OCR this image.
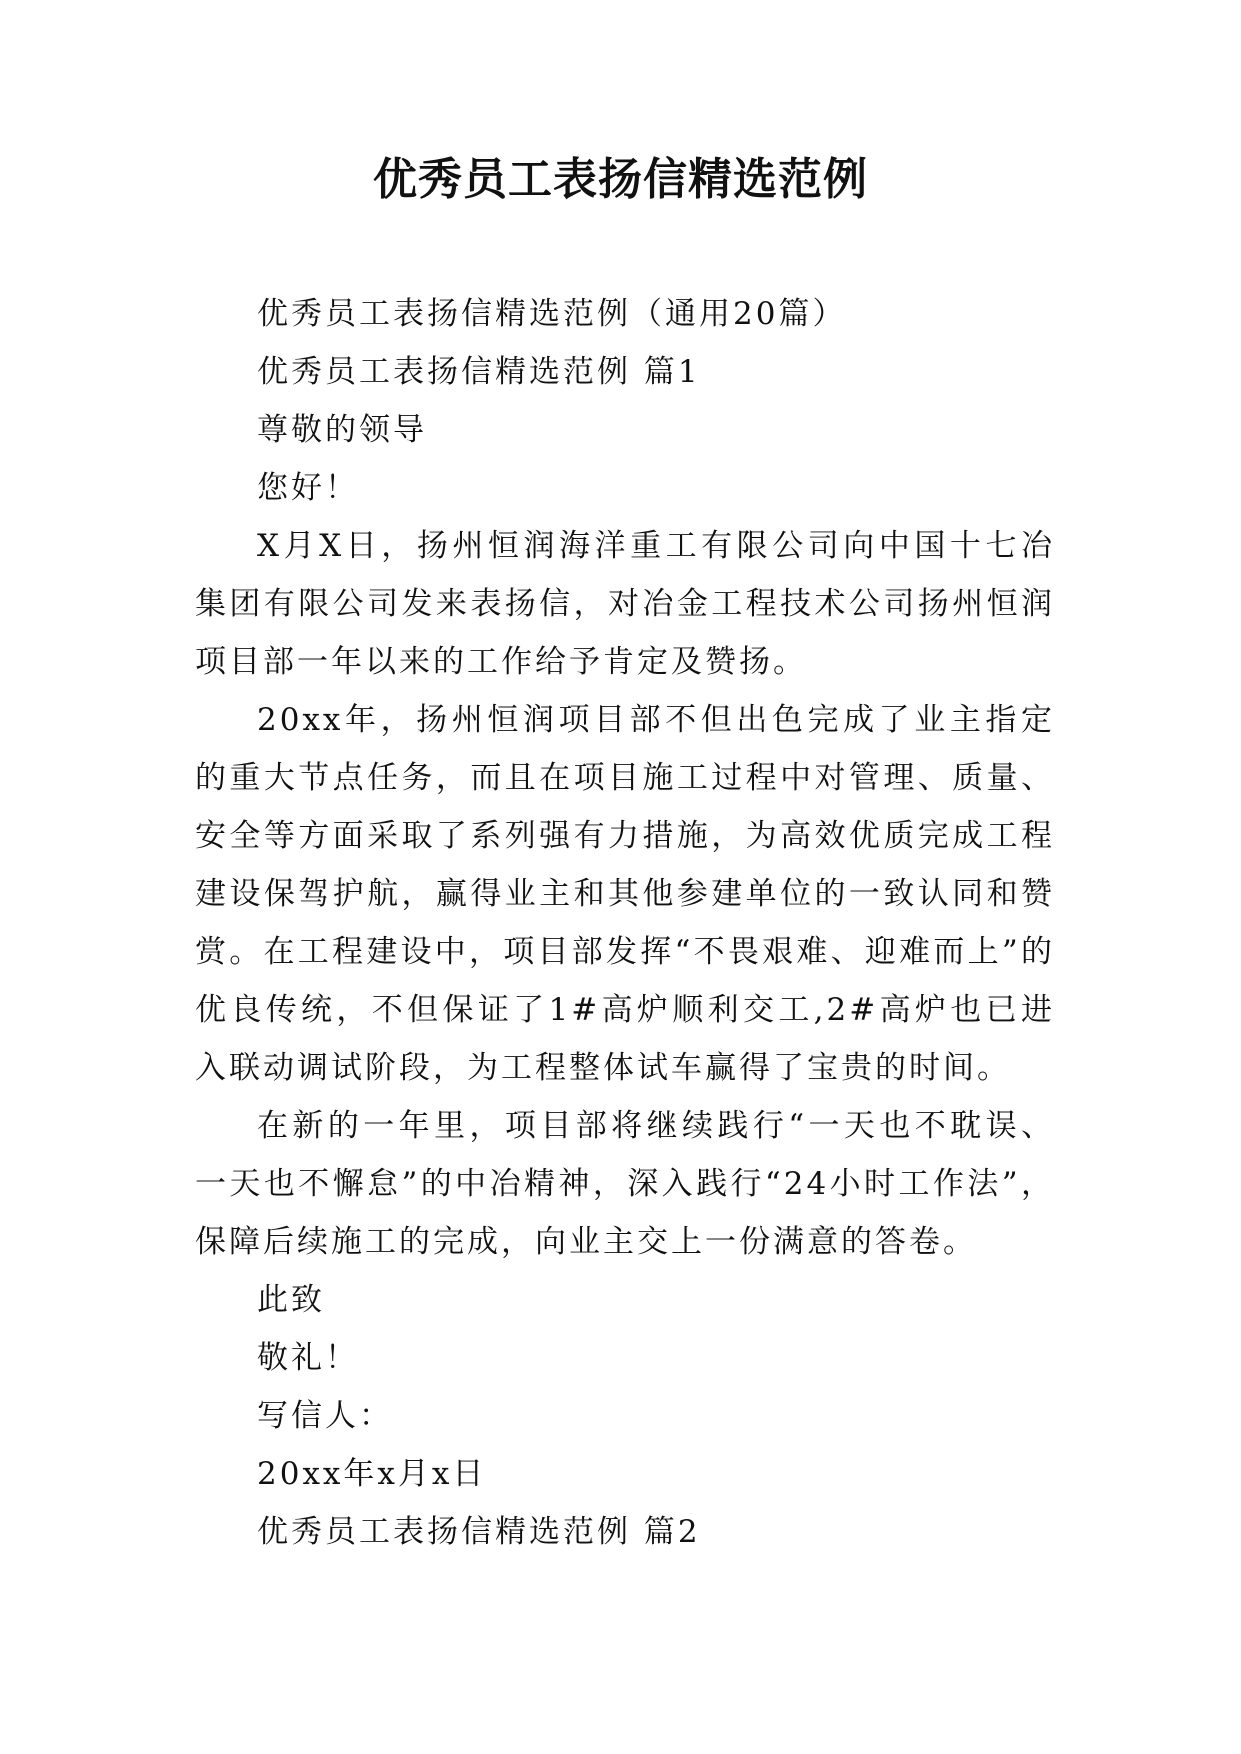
优秀员工表扬信精选范例

优秀员工表扬信精选范例（通用20篇）

优秀员工表扬信精选范例 篇1

尊敬的领导

您好！

X月X日，扬州恒润海洋重工有限公司向中国十七冶集团有限公司发来表扬信，对冶金工程技术公司扬州恒润项目部一年以来的工作给予肯定及赞扬。

20xx年，扬州恒润项目部不但出色完成了业主指定的重大节点任务，而且在项目施工过程中对管理、质量、安全等方面采取了系列强有力措施，为高效优质完成工程建设保驾护航，赢得业主和其他参建单位的一致认同和赞赏。在工程建设中，项目部发挥“不畏艰难、迎难而上”的优良传统，不但保证了1#高炉顺利交工,2#高炉也已进入联动调试阶段，为工程整体试车赢得了宝贵的时间。

在新的一年里，项目部将继续践行“一天也不耽误、一天也不懈怠”的中冶精神，深入践行“24小时工作法”，保障后续施工的完成，向业主交上一份满意的答卷。

此致

敬礼！

写信人：

20xx年x月x日

优秀员工表扬信精选范例 篇2
